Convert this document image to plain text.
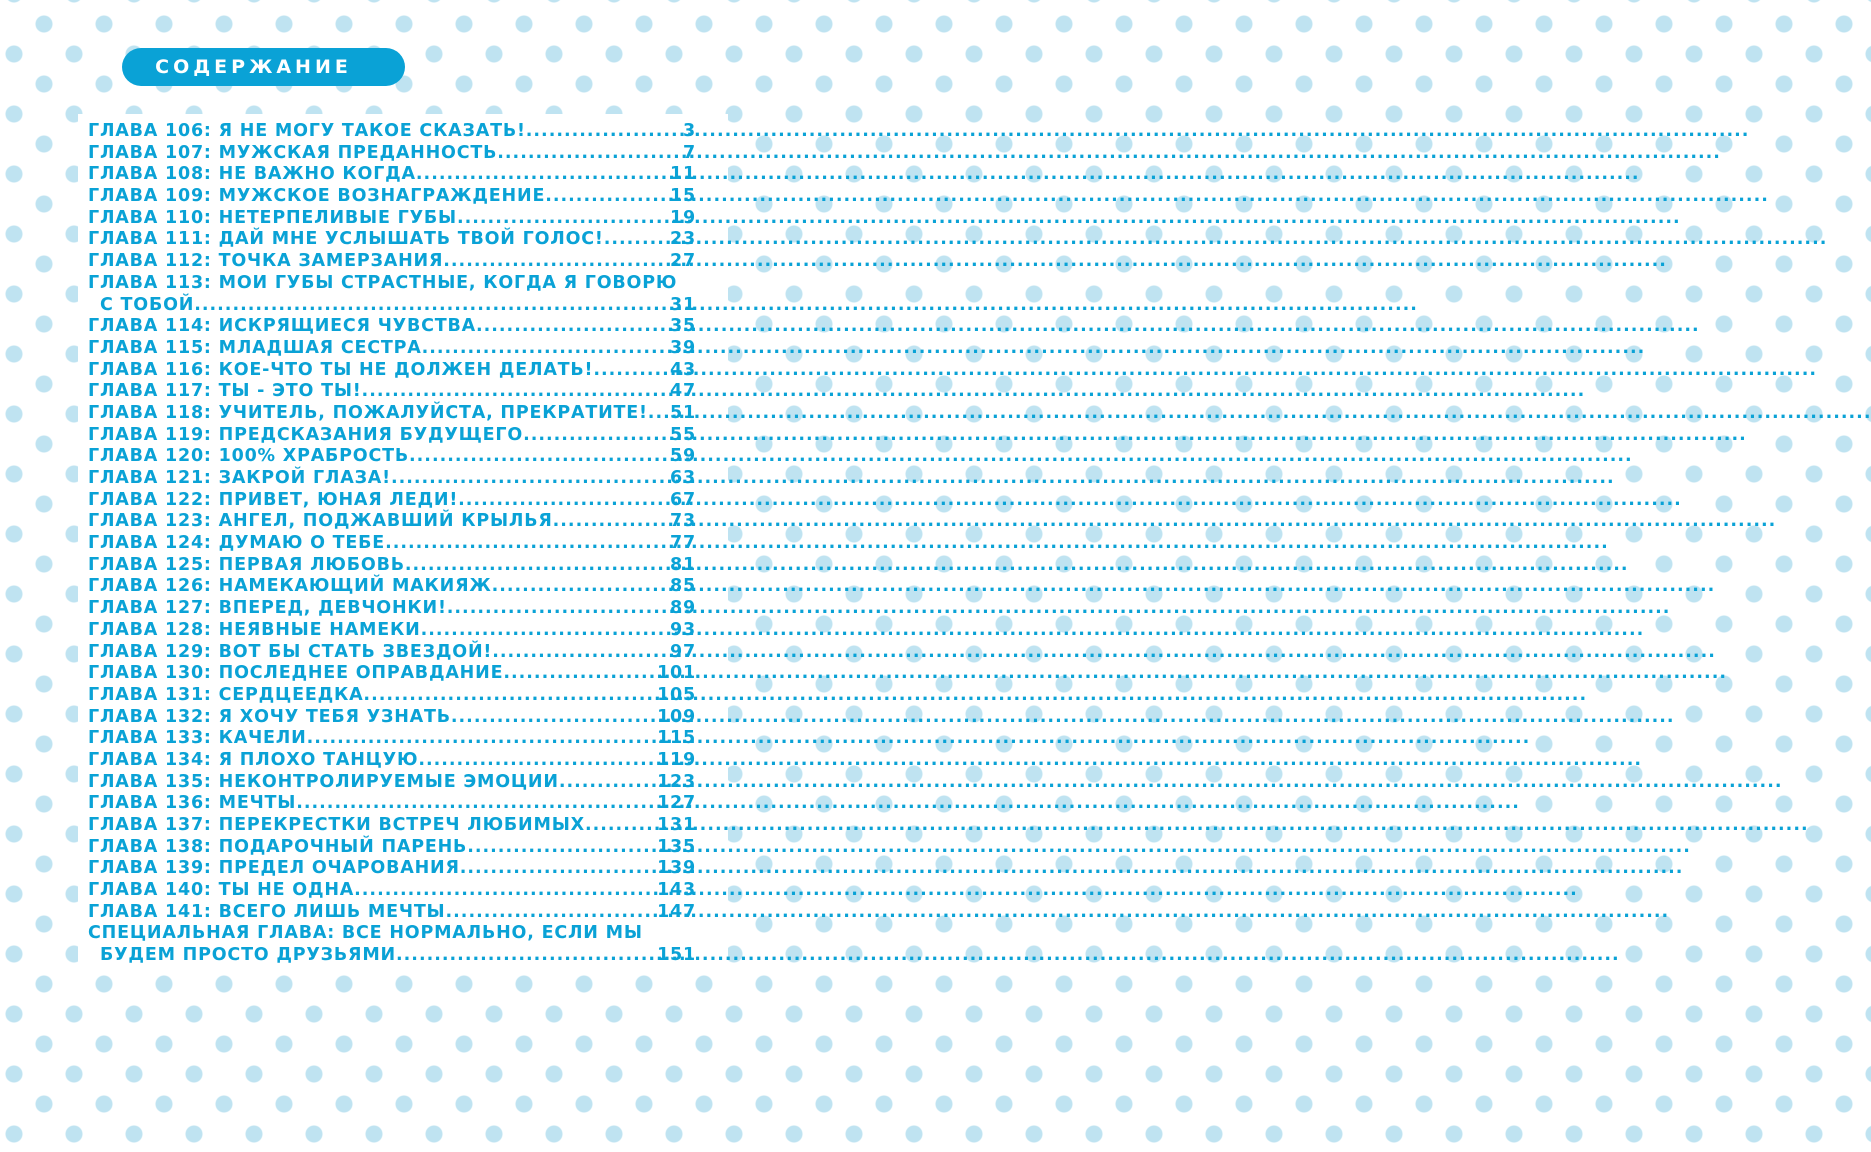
СОДЕРЖАНИЕ
ГЛАВА 106: Я НЕ МОГУ ТАКОЕ СКАЗАТЬ! .....	3
ГЛАВА 107: МУЖСКАЯ ПРЕДАННОСТЬ .....	7
ГЛАВА 108: НЕ ВАЖНО КОГДА .....	11
ГЛАВА 109: МУЖСКОЕ ВОЗНАГРАЖДЕНИЕ .....	15
ГЛАВА 110: НЕТЕРПЕЛИВЫЕ ГУБЫ .....	19
ГЛАВА 111: ДАЙ МНЕ УСЛЫШАТЬ ТВОЙ ГОЛОС! .....	23
ГЛАВА 112: ТОЧКА ЗАМЕРЗАНИЯ .....	27
ГЛАВА 113: МОИ ГУБЫ СТРАСТНЫЕ, КОГДА Я ГОВОРЮ
С ТОБОЙ .....	31
ГЛАВА 114: ИСКРЯЩИЕСЯ ЧУВСТВА .....	35
ГЛАВА 115: МЛАДШАЯ СЕСТРА .....	39
ГЛАВА 116: КОЕ-ЧТО ТЫ НЕ ДОЛЖЕН ДЕЛАТЬ! .....	43
ГЛАВА 117: ТЫ - ЭТО ТЫ! .....	47
ГЛАВА 118: УЧИТЕЛЬ, ПОЖАЛУЙСТА, ПРЕКРАТИТЕ! ..... 51
ГЛАВА 119: ПРЕДСКАЗАНИЯ БУДУЩЕГО .....	55
ГЛАВА 120: 100% ХРАБРОСТЬ .....	59
ГЛАВА 121: ЗАКРОЙ ГЛАЗА! .....	63
ГЛАВА 122: ПРИВЕТ, ЮНАЯ ЛЕДИ! .....	67
ГЛАВА 123: АНГЕЛ, ПОДЖАВШИЙ КРЫЛЬЯ .....	73
ГЛАВА 124: ДУМАЮ О ТЕБЕ .....	77
ГЛАВА 125: ПЕРВАЯ ЛЮБОВЬ .....	81
ГЛАВА 126: НАМЕКАЮЩИЙ МАКИЯЖ .....	85
ГЛАВА 127: ВПЕРЕД, ДЕВЧОНКИ! .....	89
ГЛАВА 128: НЕЯВНЫЕ НАМЕКИ .....	93
ГЛАВА 129: ВОТ БЫ СТАТЬ ЗВЕЗДОЙ! .....	97
ГЛАВА 130: ПОСЛЕДНЕЕ ОПРАВДАНИЕ .....	101
ГЛАВА 131: СЕРДЦЕЕДКА .....	105
ГЛАВА 132: Я ХОЧУ ТЕБЯ УЗНАТЬ .....	109
ГЛАВА 133: КАЧЕЛИ .....	115
ГЛАВА 134: Я ПЛОХО ТАНЦУЮ .....	119
ГЛАВА 135: НЕКОНТРОЛИРУЕМЫЕ ЭМОЦИИ .....	123
ГЛАВА 136: МЕЧТЫ .....	127
ГЛАВА 137: ПЕРЕКРЕСТКИ ВСТРЕЧ ЛЮБИМЫХ .....	131
ГЛАВА 138: ПОДАРОЧНЫЙ ПАРЕНЬ .....	135
ГЛАВА 139: ПРЕДЕЛ ОЧАРОВАНИЯ .....	139
ГЛАВА 140: ТЫ НЕ ОДНА .....	143
ГЛАВА 141: ВСЕГО ЛИШЬ МЕЧТЫ .....	147
СПЕЦИАЛЬНАЯ ГЛАВА: ВСЕ НОРМАЛЬНО, ЕСЛИ МЫ
БУДЕМ ПРОСТО ДРУЗЬЯМИ .....	151
